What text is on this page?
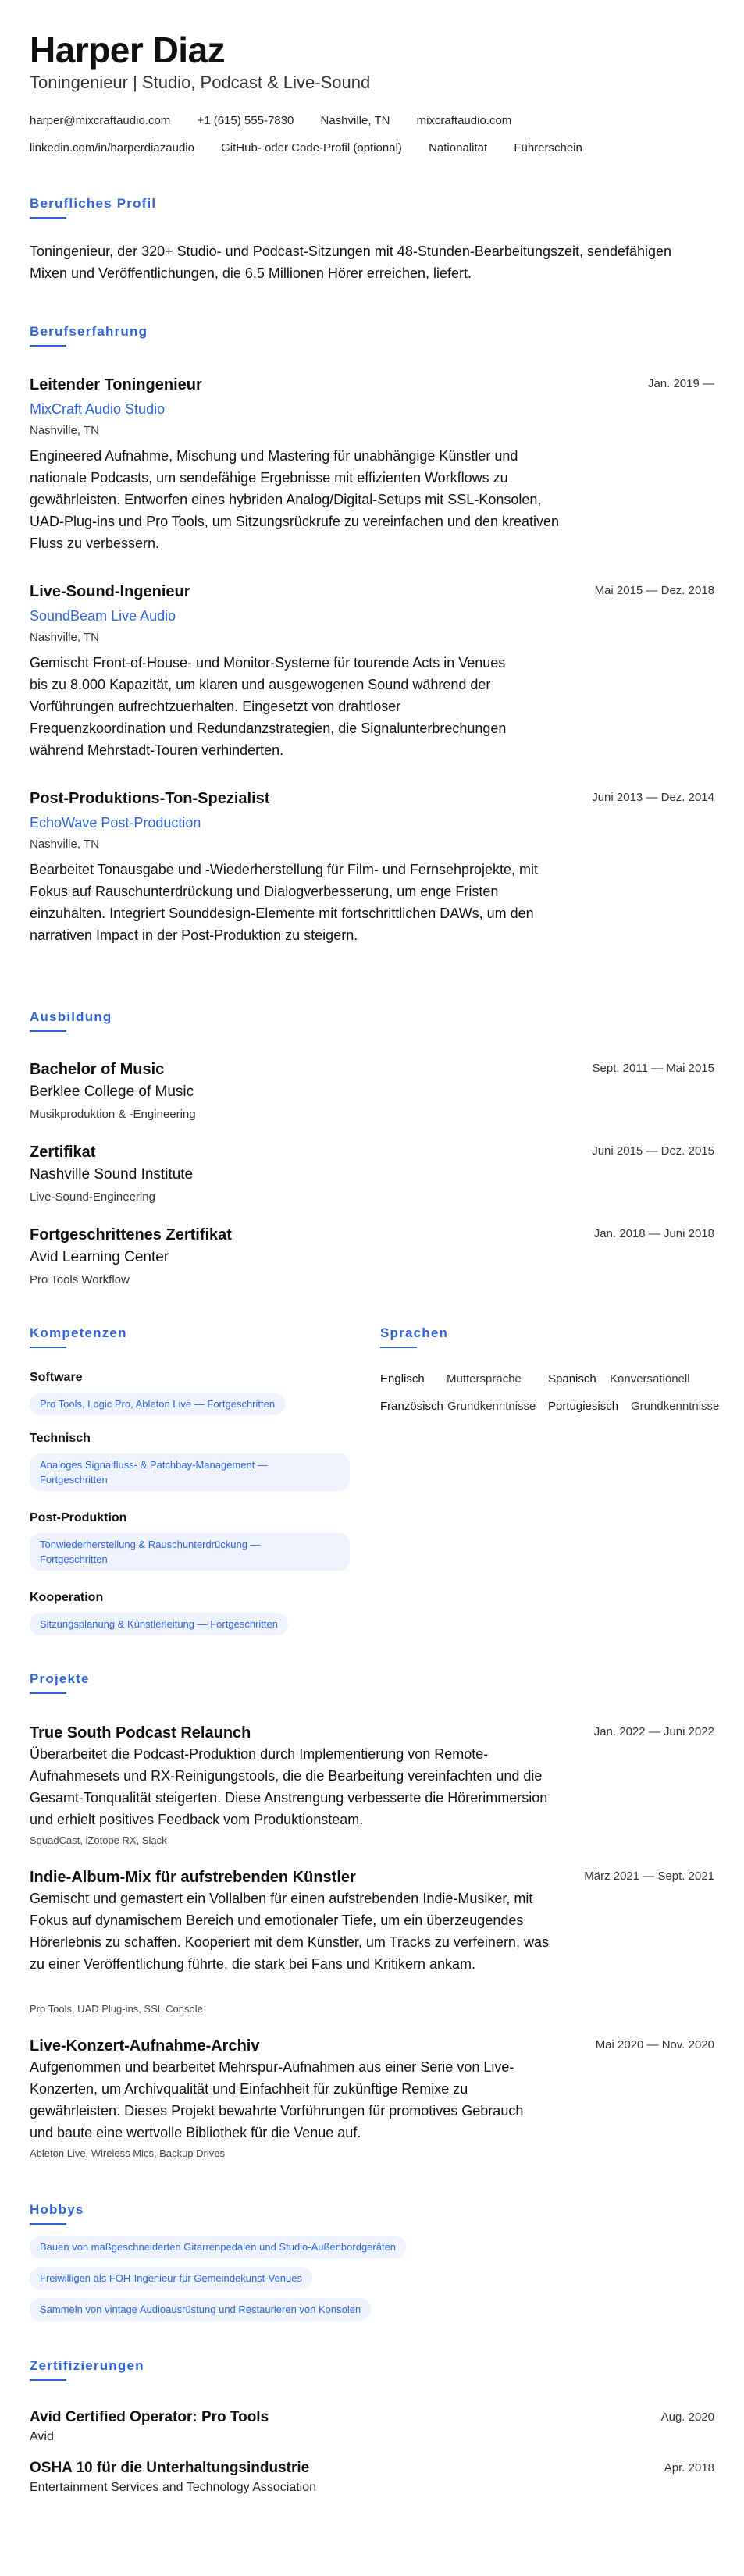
Harper Diaz
Toningenieur | Studio, Podcast & Live-Sound
harper@mixcraftaudio.com +1 (615) 555-7830 Nashville, TN mixcraftaudio.com
linkedin.com/in/harperdiazaudio GitHub- oder Code-Profil (optional) Nationalität Führerschein
Berufliches Profil
Toningenieur, der 320+ Studio- und Podcast-Sitzungen mit 48-Stunden-Bearbeitungszeit, sendefähigen Mixen und Veröffentlichungen, die 6,5 Millionen Hörer erreichen, liefert.
Berufserfahrung
Leitender Toningenieur	Jan. 2019 —
MixCraft Audio Studio
Nashville, TN
Engineered Aufnahme, Mischung und Mastering für unabhängige Künstler und nationale Podcasts, um sendefähige Ergebnisse mit effizienten Workflows zu gewährleisten. Entworfen eines hybriden Analog/Digital-Setups mit SSL-Konsolen, UAD-Plug-ins und Pro Tools, um Sitzungsrückrufe zu vereinfachen und den kreativen Fluss zu verbessern.
Live-Sound-Ingenieur	Mai 2015 — Dez. 2018
SoundBeam Live Audio
Nashville, TN
Gemischt Front-of-House- und Monitor-Systeme für tourende Acts in Venues bis zu 8.000 Kapazität, um klaren und ausgewogenen Sound während der Vorführungen aufrechtzuerhalten. Eingesetzt von drahtloser Frequenzkoordination und Redundanzstrategien, die Signalunterbrechungen während Mehrstadt-Touren verhinderten.
Post-Produktions-Ton-Spezialist	Juni 2013 — Dez. 2014
EchoWave Post-Production
Nashville, TN
Bearbeitet Tonausgabe und -Wiederherstellung für Film- und Fernsehprojekte, mit Fokus auf Rauschunterdrückung und Dialogverbesserung, um enge Fristen einzuhalten. Integriert Sounddesign-Elemente mit fortschrittlichen DAWs, um den narrativen Impact in der Post-Produktion zu steigern.
Ausbildung
Bachelor of Music	Sept. 2011 — Mai 2015
Berklee College of Music
Musikproduktion & -Engineering
Zertifikat	Juni 2015 — Dez. 2015
Nashville Sound Institute
Live-Sound-Engineering
Fortgeschrittenes Zertifikat	Jan. 2018 — Juni 2018
Avid Learning Center
Pro Tools Workflow
Kompetenzen
Software
Pro Tools, Logic Pro, Ableton Live — Fortgeschritten
Technisch
Analoges Signalfluss- & Patchbay-Management —
Fortgeschritten
Post-Produktion
Tonwiederherstellung & Rauschunterdrückung —
Fortgeschritten
Kooperation
Sitzungsplanung & Künstlerleitung — Fortgeschritten
Sprachen
Englisch Muttersprache Spanisch Konversationell
Französisch Grundkenntnisse Portugiesisch Grundkenntnisse
Projekte
True South Podcast Relaunch	Jan. 2022 — Juni 2022
Überarbeitet die Podcast-Produktion durch Implementierung von Remote-Aufnahmesets und RX-Reinigungstools, die die Bearbeitung vereinfachten und die Gesamt-Tonqualität steigerten. Diese Anstrengung verbesserte die Hörerimmersion und erhielt positives Feedback vom Produktionsteam.
SquadCast, iZotope RX, Slack
Indie-Album-Mix für aufstrebenden Künstler	März 2021 — Sept. 2021
Gemischt und gemastert ein Vollalben für einen aufstrebenden Indie-Musiker, mit Fokus auf dynamischem Bereich und emotionaler Tiefe, um ein überzeugendes Hörerlebnis zu schaffen. Kooperiert mit dem Künstler, um Tracks zu verfeinern, was zu einer Veröffentlichung führte, die stark bei Fans und Kritikern ankam.
Pro Tools, UAD Plug-ins, SSL Console
Live-Konzert-Aufnahme-Archiv	Mai 2020 — Nov. 2020
Aufgenommen und bearbeitet Mehrspur-Aufnahmen aus einer Serie von Live-Konzerten, um Archivqualität und Einfachheit für zukünftige Remixe zu gewährleisten. Dieses Projekt bewahrte Vorführungen für promotives Gebrauch und baute eine wertvolle Bibliothek für die Venue auf.
Ableton Live, Wireless Mics, Backup Drives
Hobbys
Bauen von maßgeschneiderten Gitarrenpedalen und Studio-Außenbordgeräten
Freiwilligen als FOH-Ingenieur für Gemeindekunst-Venues
Sammeln von vintage Audioausrüstung und Restaurieren von Konsolen
Zertifizierungen
Avid Certified Operator: Pro Tools	Aug. 2020
Avid
OSHA 10 für die Unterhaltungsindustrie	Apr. 2018
Entertainment Services and Technology Association
